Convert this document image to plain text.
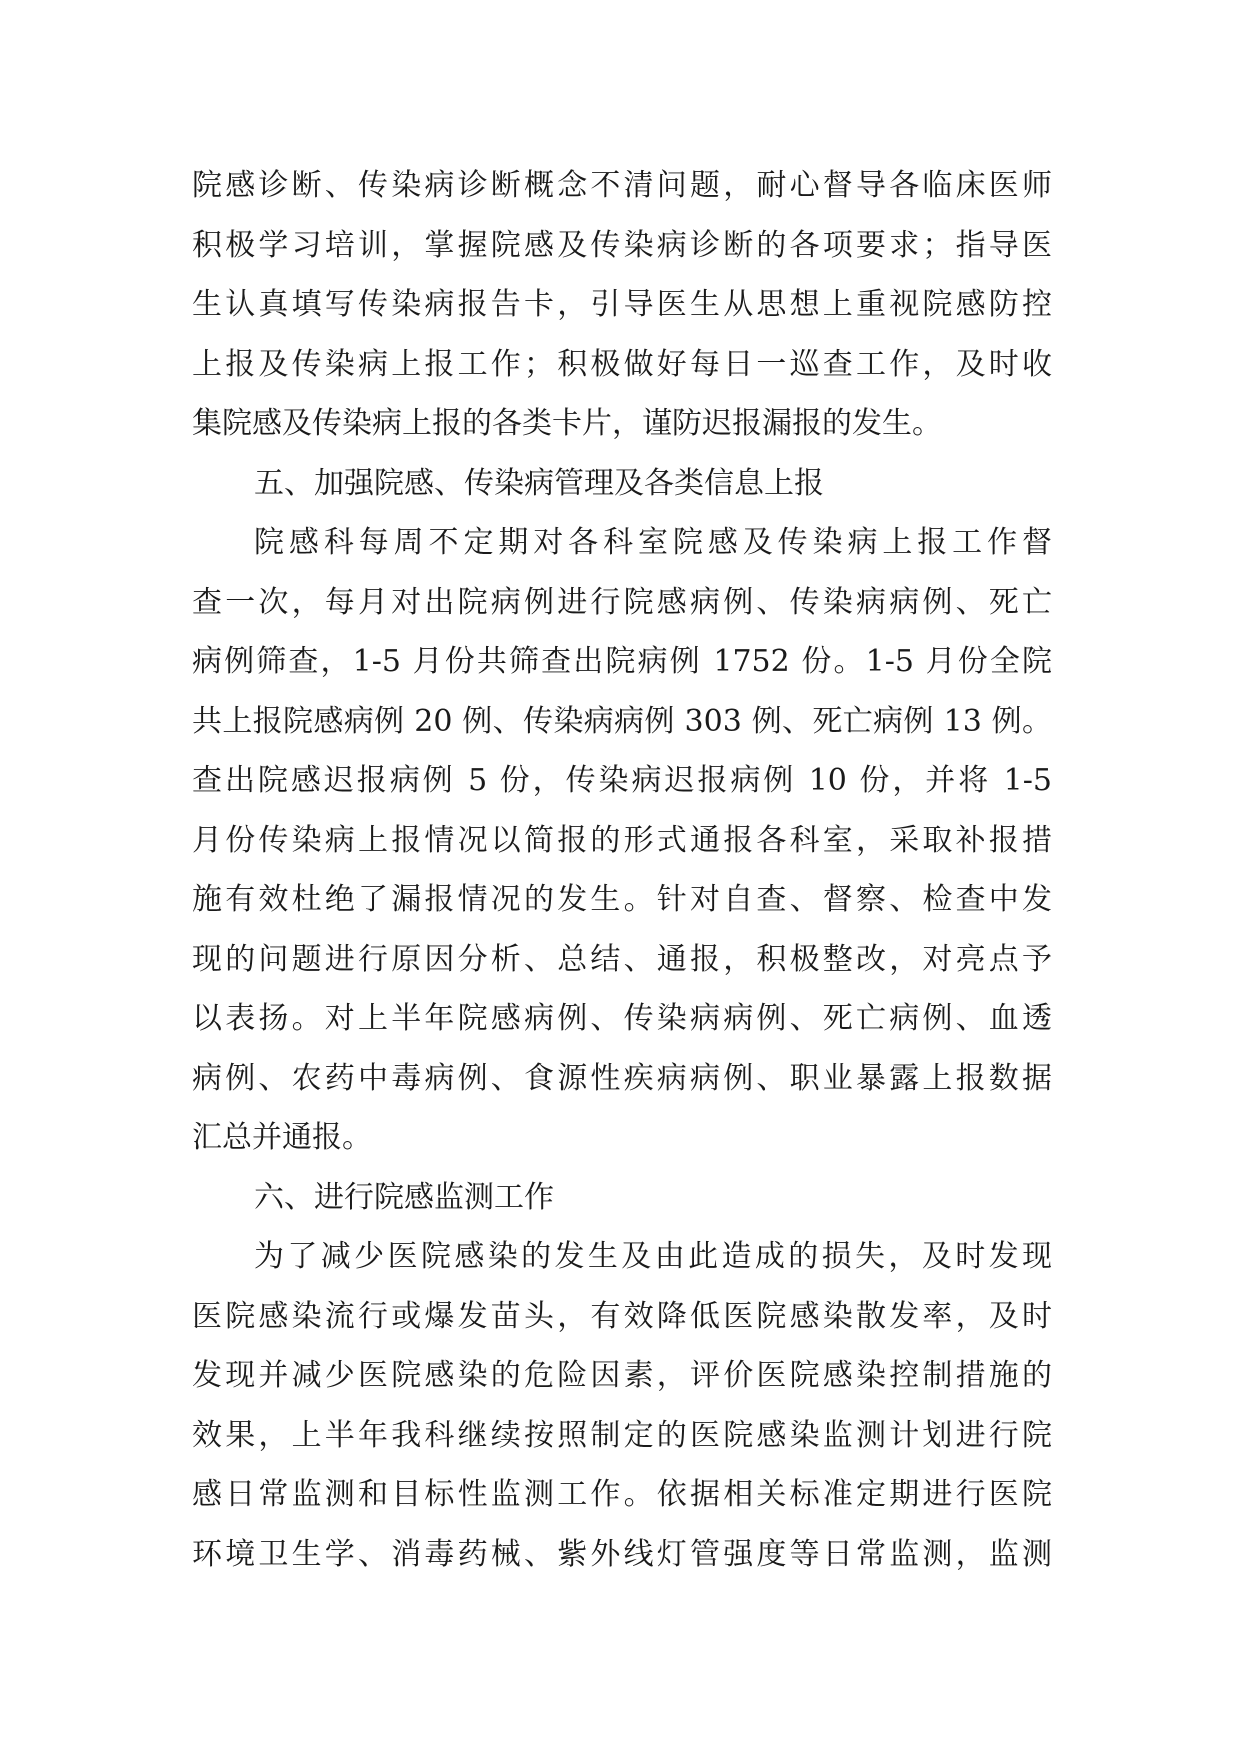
院感诊断、传染病诊断概念不清问题，耐心督导各临床医师
积极学习培训，掌握院感及传染病诊断的各项要求；指导医
生认真填写传染病报告卡，引导医生从思想上重视院感防控
上报及传染病上报工作；积极做好每日一巡查工作，及时收
集院感及传染病上报的各类卡片，谨防迟报漏报的发生。
五、加强院感、传染病管理及各类信息上报
院感科每周不定期对各科室院感及传染病上报工作督
查一次，每月对出院病例进行院感病例、传染病病例、死亡
病例筛查，1-5 月份共筛查出院病例 1752 份。1-5 月份全院
共上报院感病例 20 例、传染病病例 303 例、死亡病例 13 例。
查出院感迟报病例 5 份，传染病迟报病例 10 份，并将 1-5
月份传染病上报情况以简报的形式通报各科室，采取补报措
施有效杜绝了漏报情况的发生。针对自查、督察、检查中发
现的问题进行原因分析、总结、通报，积极整改，对亮点予
以表扬。对上半年院感病例、传染病病例、死亡病例、血透
病例、农药中毒病例、食源性疾病病例、职业暴露上报数据
汇总并通报。
六、进行院感监测工作
为了减少医院感染的发生及由此造成的损失，及时发现
医院感染流行或爆发苗头，有效降低医院感染散发率，及时
发现并减少医院感染的危险因素，评价医院感染控制措施的
效果，上半年我科继续按照制定的医院感染监测计划进行院
感日常监测和目标性监测工作。依据相关标准定期进行医院
环境卫生学、消毒药械、紫外线灯管强度等日常监测，监测
